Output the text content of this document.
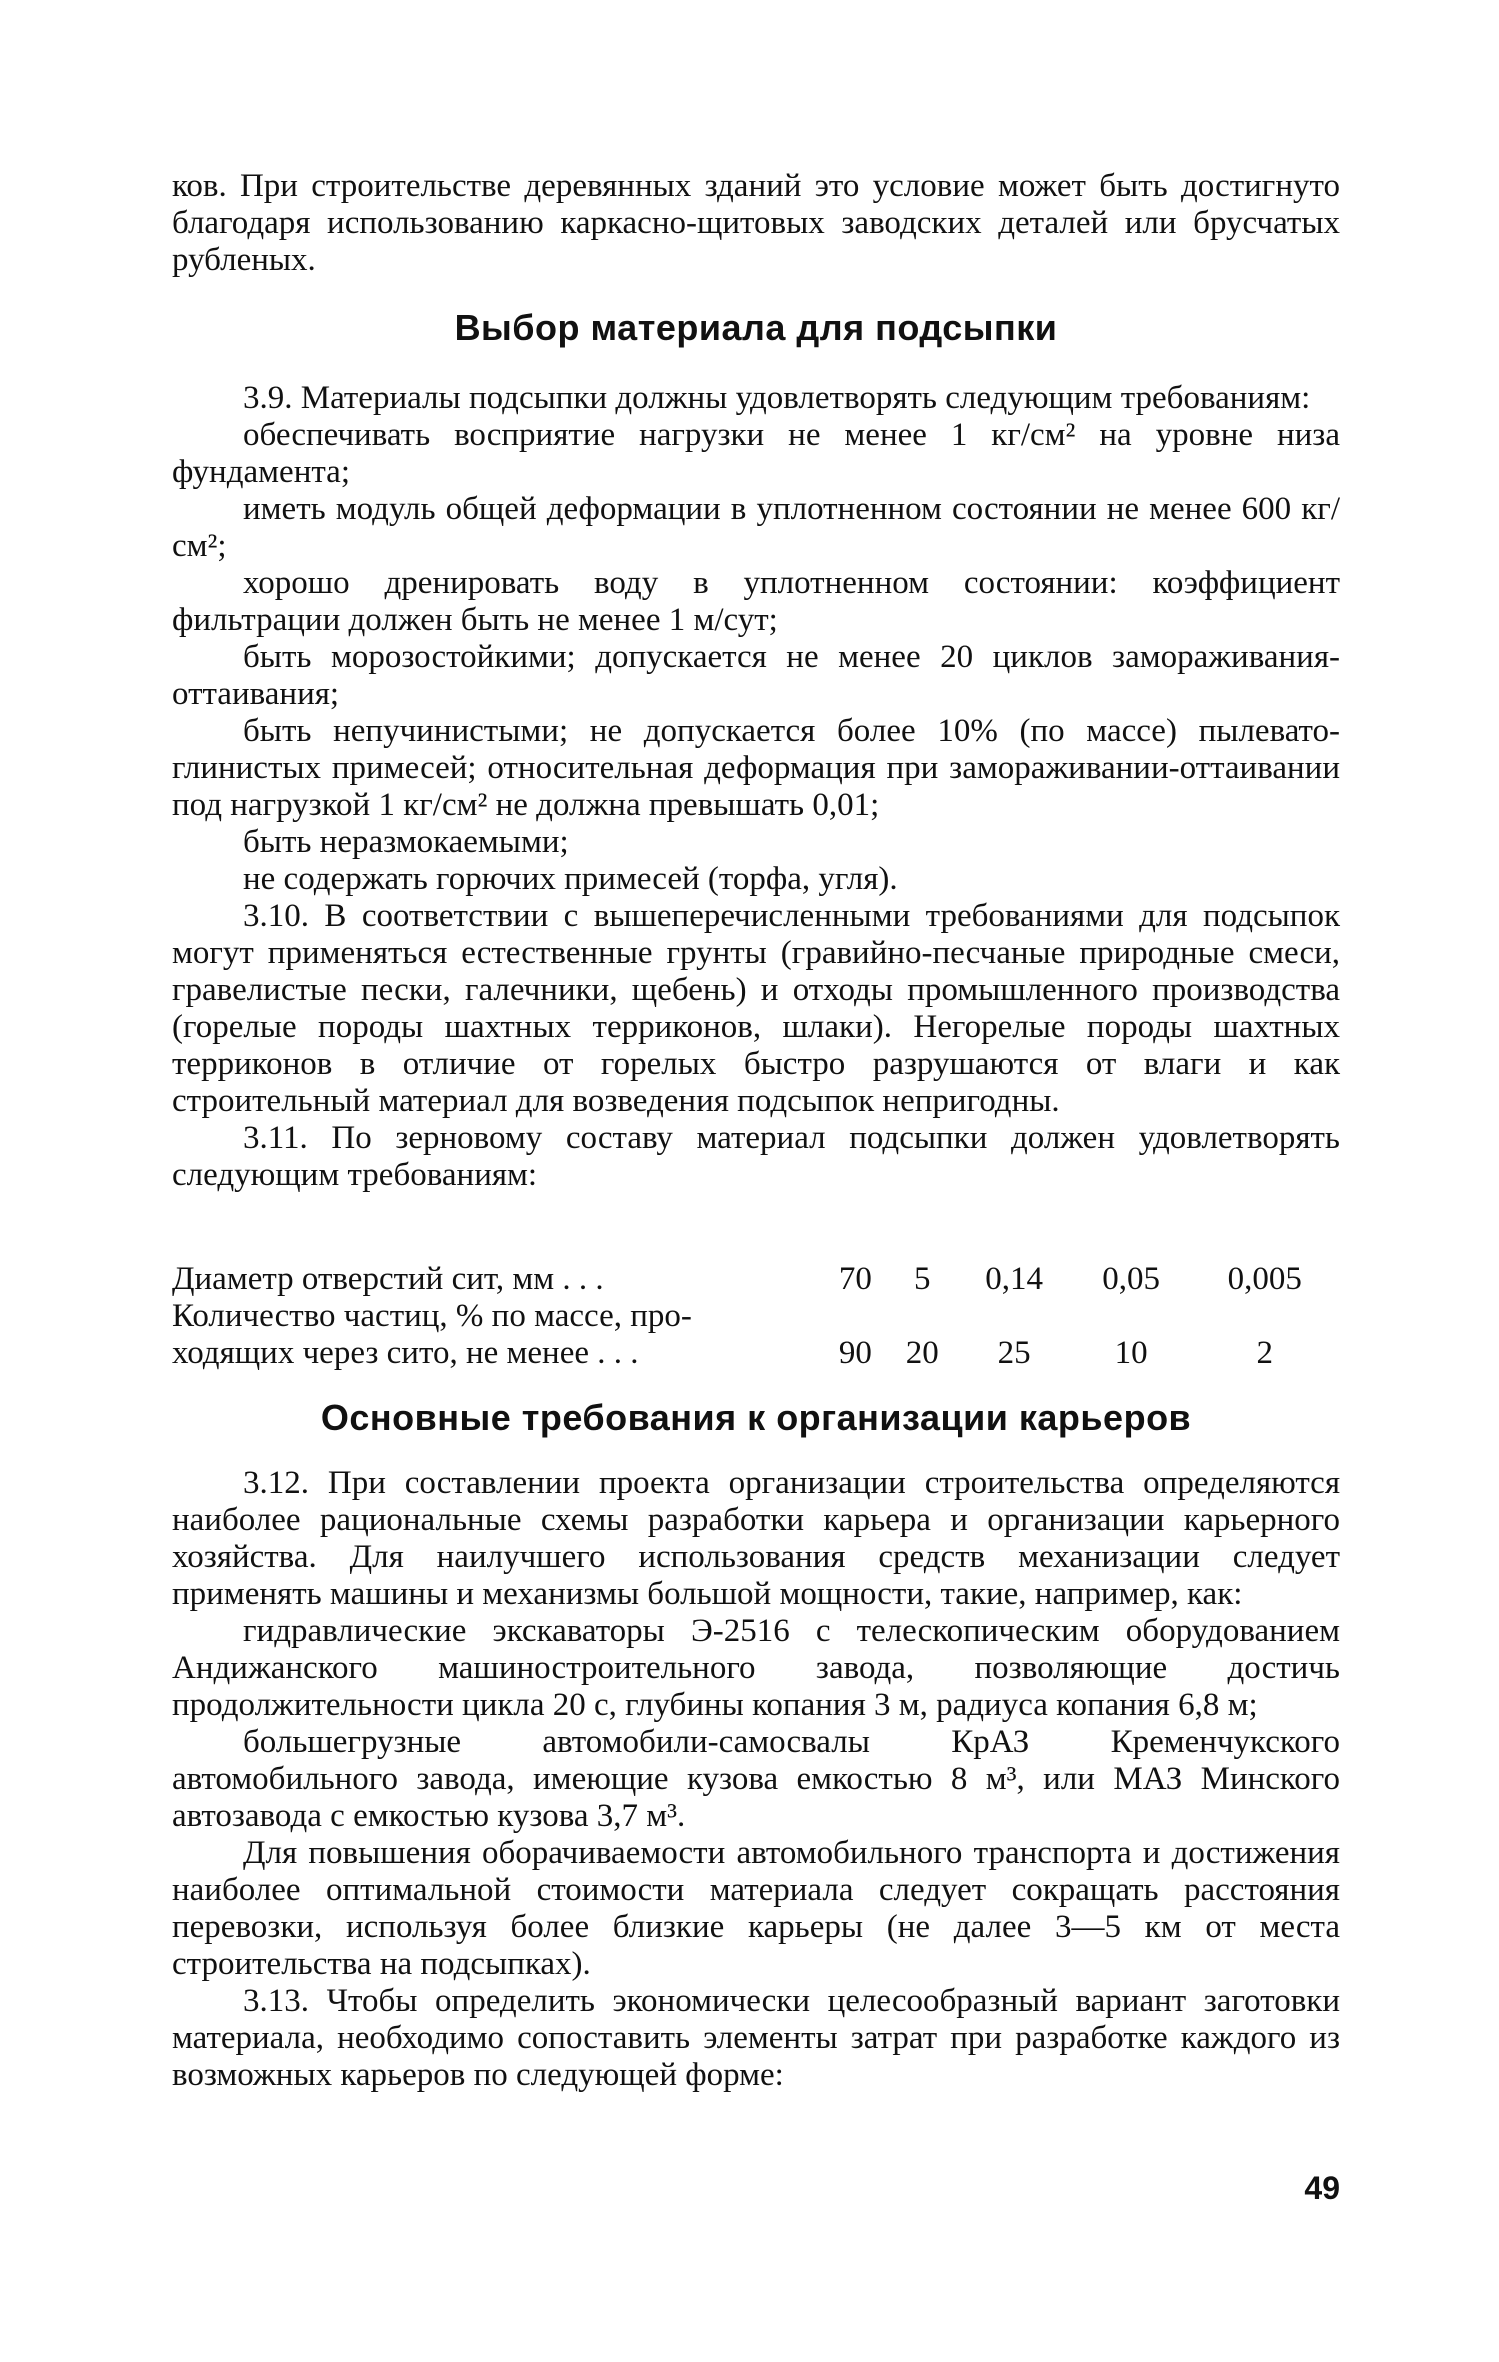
ков. При строительстве деревянных зданий это условие может быть достигнуто благодаря использованию каркасно-щитовых заводских деталей или брусчатых рубленых.

Выбор материала для подсыпки

3.9. Материалы подсыпки должны удовлетворять следующим требованиям:

обеспечивать восприятие нагрузки не менее 1 кг/см² на уровне низа фундамента;

иметь модуль общей деформации в уплотненном состоянии не менее 600 кг/см²;

хорошо дренировать воду в уплотненном состоянии: коэффициент фильтрации должен быть не менее 1 м/сут;

быть морозостойкими; допускается не менее 20 циклов замораживания-оттаивания;

быть непучинистыми; не допускается более 10% (по массе) пылевато-глинистых примесей; относительная деформация при замораживании-оттаивании под нагрузкой 1 кг/см² не должна превышать 0,01;

быть неразмокаемыми;

не содержать горючих примесей (торфа, угля).

3.10. В соответствии с вышеперечисленными требованиями для подсыпок могут применяться естественные грунты (гравийно-песчаные природные смеси, гравелистые пески, галечники, щебень) и отходы промышленного производства (горелые породы шахтных терриконов, шлаки). Негорелые породы шахтных терриконов в отличие от горелых быстро разрушаются от влаги и как строительный материал для возведения подсыпок непригодны.

3.11. По зерновому составу материал подсыпки должен удовлетворять следующим требованиям:

Диаметр отверстий сит, мм . . .	70	5	0,14	0,05	0,005
Количество частиц, % по массе, про-
ходящих через сито, не менее . . .	90	20	25	10	2
Основные требования к организации карьеров

3.12. При составлении проекта организации строительства определяются наиболее рациональные схемы разработки карьера и организации карьерного хозяйства. Для наилучшего использования средств механизации следует применять машины и механизмы большой мощности, такие, например, как:

гидравлические экскаваторы Э-2516 с телескопическим оборудованием Андижанского машиностроительного завода, позволяющие достичь продолжительности цикла 20 с, глубины копания 3 м, радиуса копания 6,8 м;

большегрузные автомобили-самосвалы КрАЗ Кременчукского автомобильного завода, имеющие кузова емкостью 8 м³, или МАЗ Минского автозавода с емкостью кузова 3,7 м³.

Для повышения оборачиваемости автомобильного транспорта и достижения наиболее оптимальной стоимости материала следует сокращать расстояния перевозки, используя более близкие карьеры (не далее 3—5 км от места строительства на подсыпках).

3.13. Чтобы определить экономически целесообразный вариант заготовки материала, необходимо сопоставить элементы затрат при разработке каждого из возможных карьеров по следующей форме:

49
